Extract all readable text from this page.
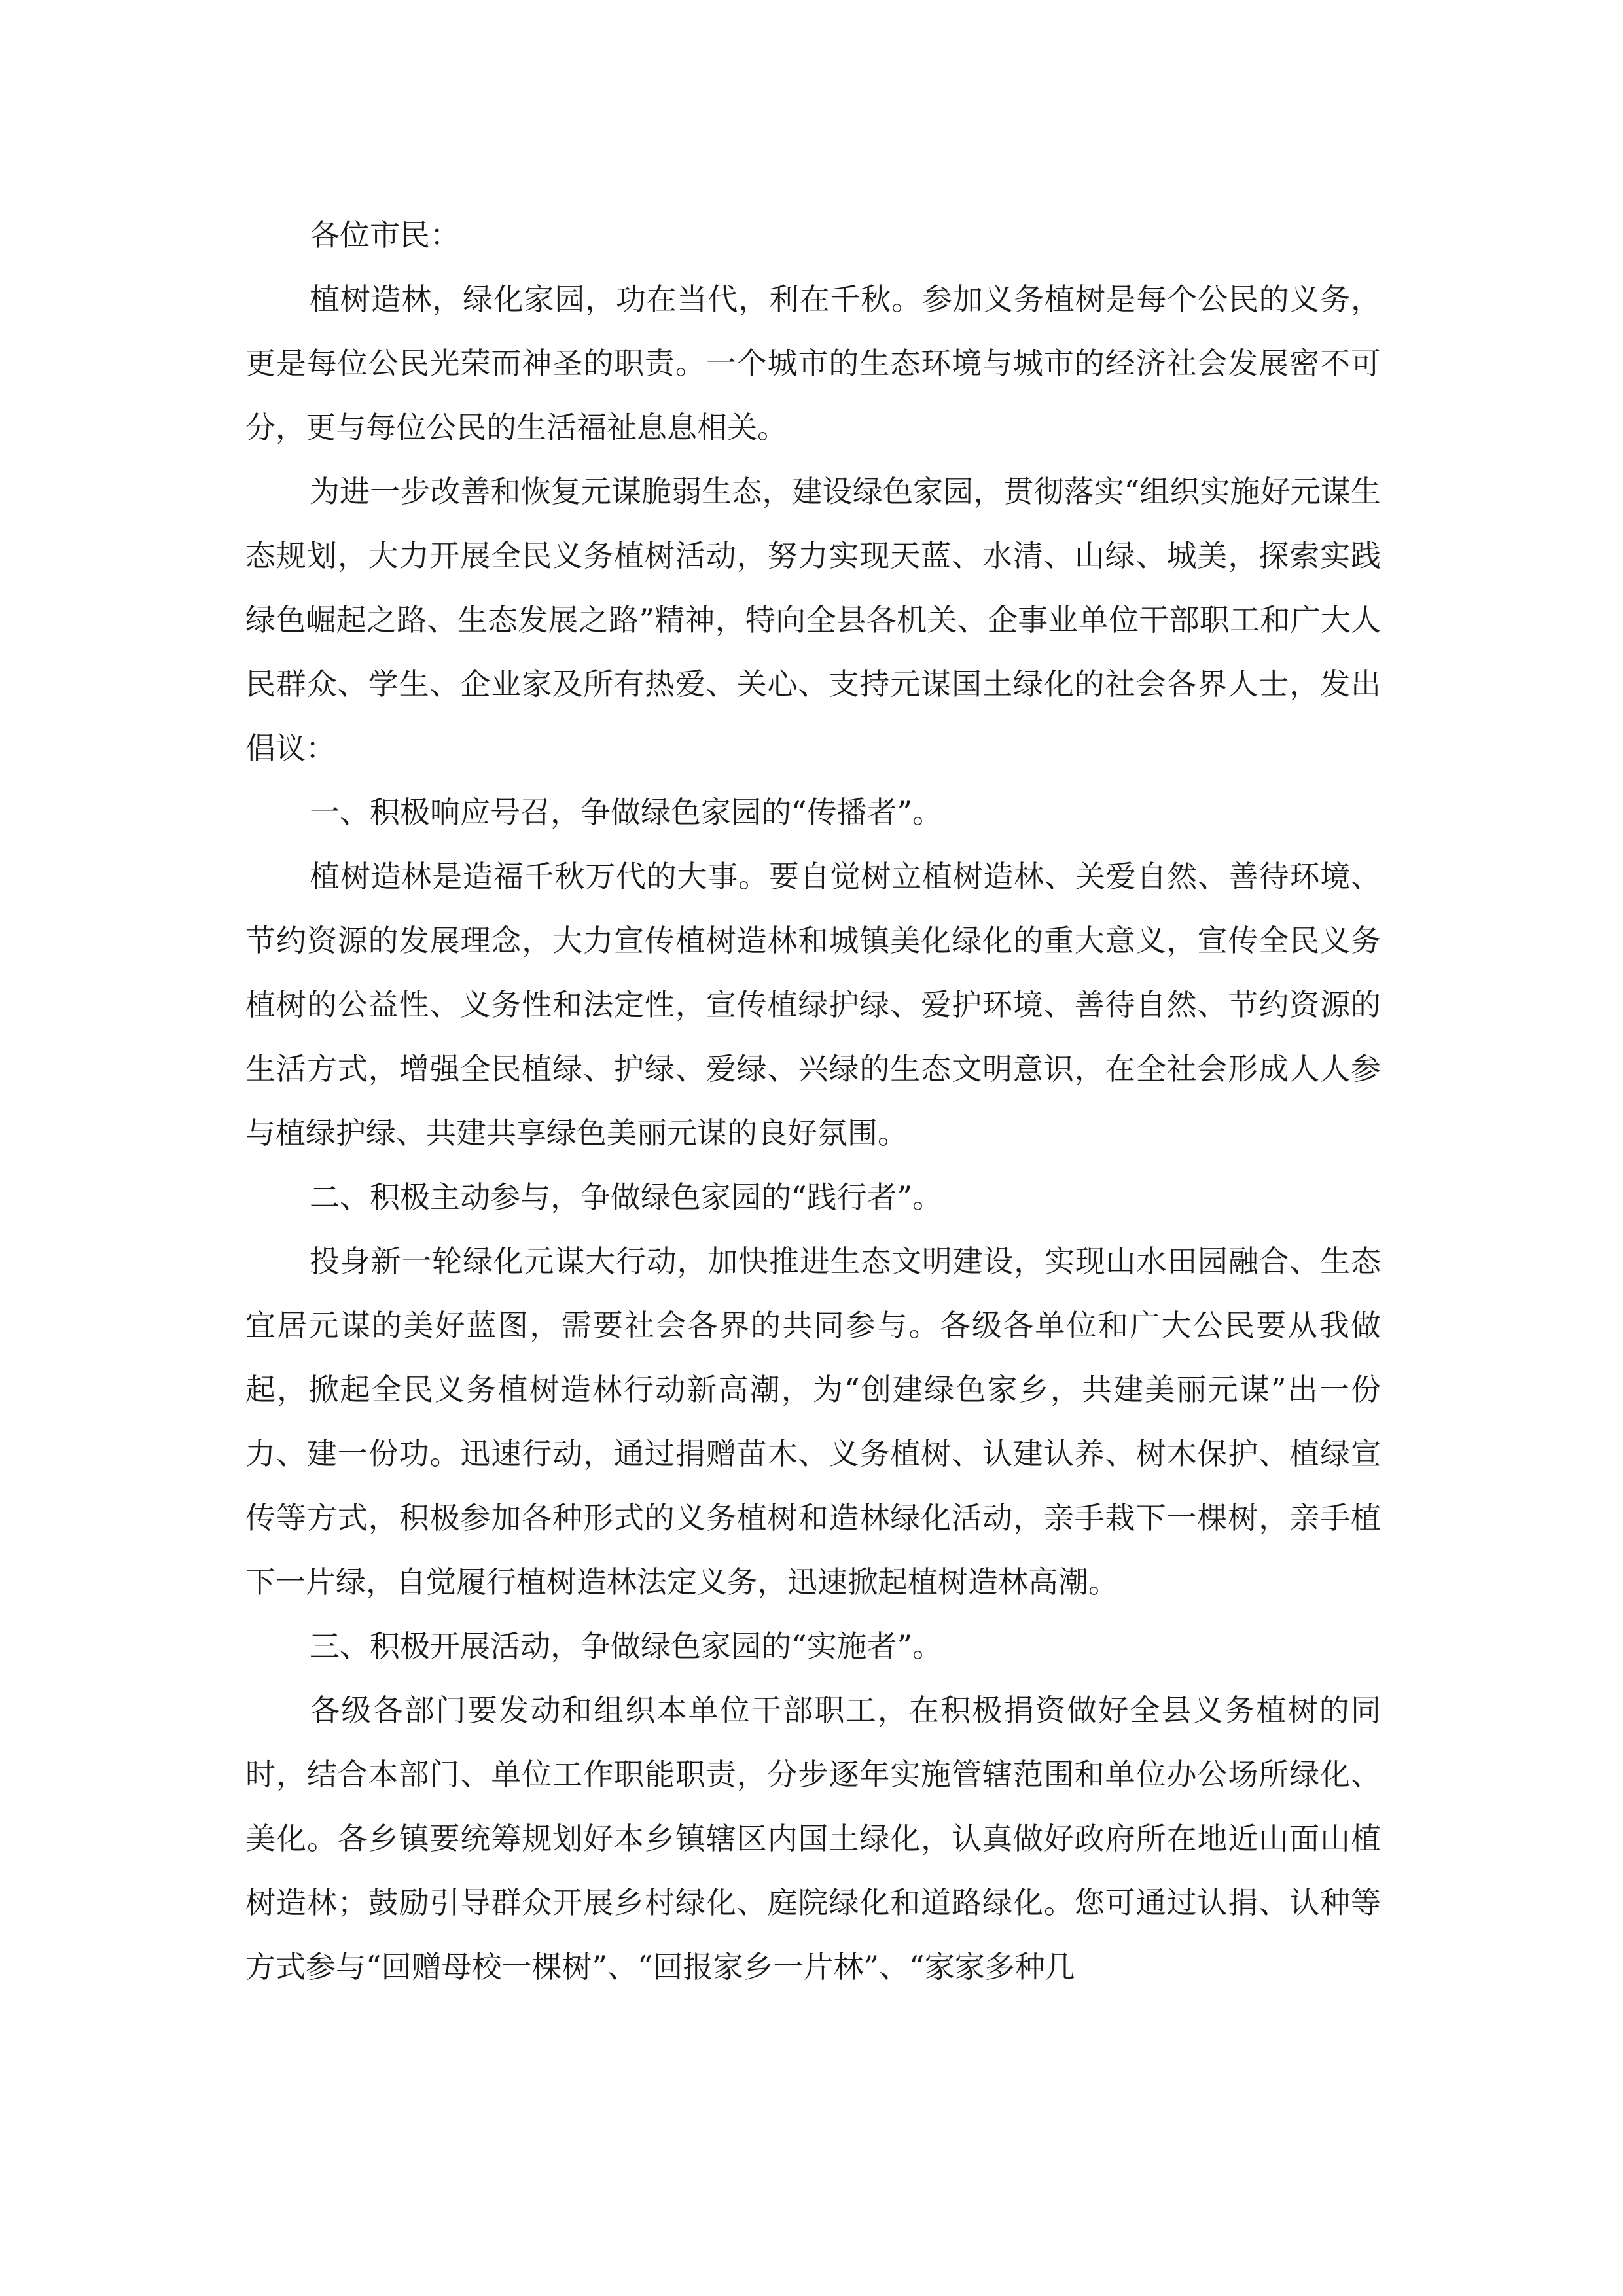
各位市民：

植树造林，绿化家园，功在当代，利在千秋。参加义务植树是每个公民的义务，更是每位公民光荣而神圣的职责。一个城市的生态环境与城市的经济社会发展密不可分，更与每位公民的生活福祉息息相关。

为进一步改善和恢复元谋脆弱生态，建设绿色家园，贯彻落实“组织实施好元谋生态规划，大力开展全民义务植树活动，努力实现天蓝、水清、山绿、城美，探索实践绿色崛起之路、生态发展之路”精神，特向全县各机关、企事业单位干部职工和广大人民群众、学生、企业家及所有热爱、关心、支持元谋国土绿化的社会各界人士，发出倡议：

一、积极响应号召，争做绿色家园的“传播者”。

植树造林是造福千秋万代的大事。要自觉树立植树造林、关爱自然、善待环境、节约资源的发展理念，大力宣传植树造林和城镇美化绿化的重大意义，宣传全民义务植树的公益性、义务性和法定性，宣传植绿护绿、爱护环境、善待自然、节约资源的生活方式，增强全民植绿、护绿、爱绿、兴绿的生态文明意识，在全社会形成人人参与植绿护绿、共建共享绿色美丽元谋的良好氛围。

二、积极主动参与，争做绿色家园的“践行者”。

投身新一轮绿化元谋大行动，加快推进生态文明建设，实现山水田园融合、生态宜居元谋的美好蓝图，需要社会各界的共同参与。各级各单位和广大公民要从我做起，掀起全民义务植树造林行动新高潮，为“创建绿色家乡，共建美丽元谋”出一份力、建一份功。迅速行动，通过捐赠苗木、义务植树、认建认养、树木保护、植绿宣传等方式，积极参加各种形式的义务植树和造林绿化活动，亲手栽下一棵树，亲手植下一片绿，自觉履行植树造林法定义务，迅速掀起植树造林高潮。

三、积极开展活动，争做绿色家园的“实施者”。

各级各部门要发动和组织本单位干部职工，在积极捐资做好全县义务植树的同时，结合本部门、单位工作职能职责，分步逐年实施管辖范围和单位办公场所绿化、美化。各乡镇要统筹规划好本乡镇辖区内国土绿化，认真做好政府所在地近山面山植树造林；鼓励引导群众开展乡村绿化、庭院绿化和道路绿化。您可通过认捐、认种等方式参与“回赠母校一棵树”、“回报家乡一片林”、“家家多种几
